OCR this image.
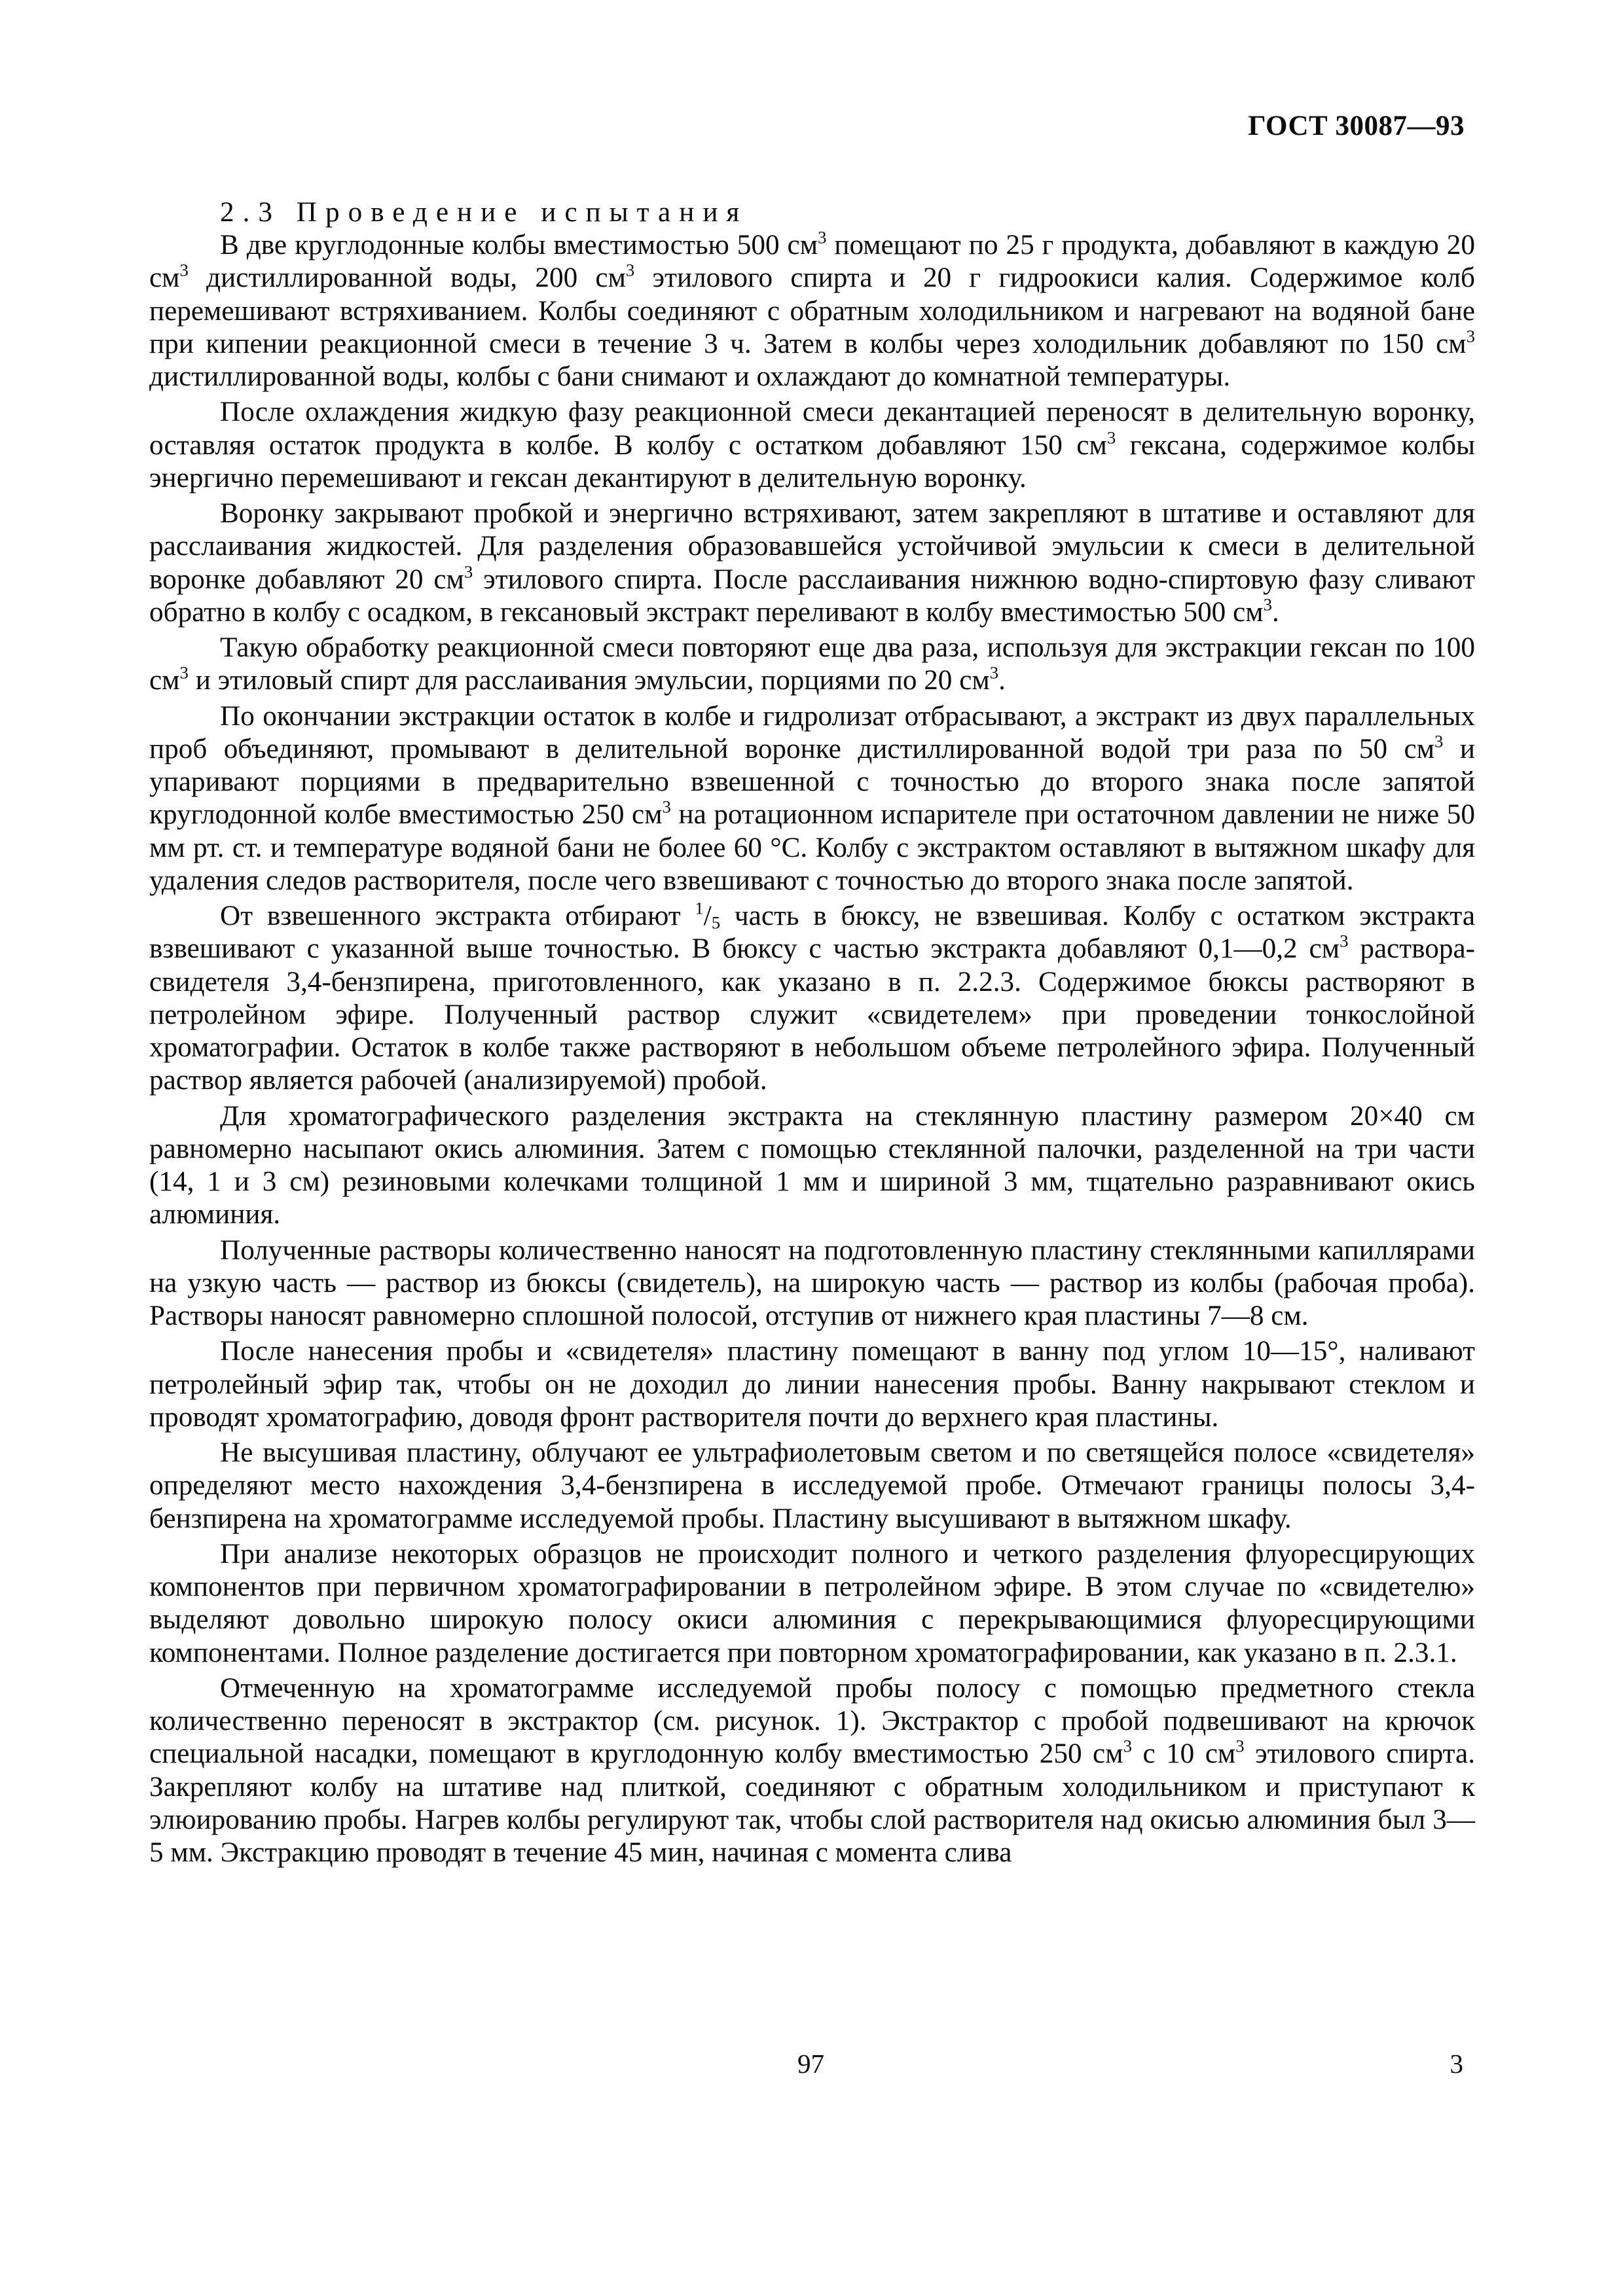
ГОСТ 30087—93

2.3 Проведение испытания

В две круглодонные колбы вместимостью 500 $см^3$ помещают по 25 г продукта, добавляют в каждую 20 $см^3$ дистиллированной воды, 200 $см^3$ этилового спирта и 20 г гидроокиси калия. Содержимое колб перемешивают встряхиванием. Колбы соединяют с обратным холодильником и нагревают на водяной бане при кипении реакционной смеси в течение 3 ч. Затем в колбы через холодильник добавляют по 150 $см^3$ дистиллированной воды, колбы с бани снимают и охлаждают до комнатной температуры.

После охлаждения жидкую фазу реакционной смеси декантацией переносят в делительную воронку, оставляя остаток продукта в колбе. В колбу с остатком добавляют 150 $см^3$ гексана, содержимое колбы энергично перемешивают и гексан декантируют в делительную воронку.

Воронку закрывают пробкой и энергично встряхивают, затем закрепляют в штативе и оставляют для расслаивания жидкостей. Для разделения образовавшейся устойчивой эмульсии к смеси в делительной воронке добавляют 20 $см^3$ этилового спирта. После расслаивания нижнюю водно-спиртовую фазу сливают обратно в колбу с осадком, в гексановый экстракт переливают в колбу вместимостью 500 $см^3$.

Такую обработку реакционной смеси повторяют еще два раза, используя для экстракции гексан по 100 $см^3$ и этиловый спирт для расслаивания эмульсии, порциями по 20 $см^3$.

По окончании экстракции остаток в колбе и гидролизат отбрасывают, а экстракт из двух параллельных проб объединяют, промывают в делительной воронке дистиллированной водой три раза по 50 $см^3$ и упаривают порциями в предварительно взвешенной с точностью до второго знака после запятой круглодонной колбе вместимостью 250 $см^3$ на ротационном испарителе при остаточном давлении не ниже 50 мм рт. ст. и температуре водяной бани не более 60 °С. Колбу с экстрактом оставляют в вытяжном шкафу для удаления следов растворителя, после чего взвешивают с точностью до второго знака после запятой.

От взвешенного экстракта отбирают $^1/_5$ часть в бюксу, не взвешивая. Колбу с остатком экстракта взвешивают с указанной выше точностью. В бюксу с частью экстракта добавляют 0,1—0,2 $см^3$ раствора-свидетеля 3,4-бензпирена, приготовленного, как указано в п. 2.2.3. Содержимое бюксы растворяют в петролейном эфире. Полученный раствор служит «свидетелем» при проведении тонкослойной хроматографии. Остаток в колбе также растворяют в небольшом объеме петролейного эфира. Полученный раствор является рабочей (анализируемой) пробой.

Для хроматографического разделения экстракта на стеклянную пластину размером 20×40 см равномерно насыпают окись алюминия. Затем с помощью стеклянной палочки, разделенной на три части (14, 1 и 3 см) резиновыми колечками толщиной 1 мм и шириной 3 мм, тщательно разравнивают окись алюминия.

Полученные растворы количественно наносят на подготовленную пластину стеклянными капиллярами на узкую часть — раствор из бюксы (свидетель), на широкую часть — раствор из колбы (рабочая проба). Растворы наносят равномерно сплошной полосой, отступив от нижнего края пластины 7—8 см.

После нанесения пробы и «свидетеля» пластину помещают в ванну под углом 10—15°, наливают петролейный эфир так, чтобы он не доходил до линии нанесения пробы. Ванну накрывают стеклом и проводят хроматографию, доводя фронт растворителя почти до верхнего края пластины.

Не высушивая пластину, облучают ее ультрафиолетовым светом и по светящейся полосе «свидетеля» определяют место нахождения 3,4-бензпирена в исследуемой пробе. Отмечают границы полосы 3,4-бензпирена на хроматограмме исследуемой пробы. Пластину высушивают в вытяжном шкафу.

При анализе некоторых образцов не происходит полного и четкого разделения флуоресцирующих компонентов при первичном хроматографировании в петролейном эфире. В этом случае по «свидетелю» выделяют довольно широкую полосу окиси алюминия с перекрывающимися флуоресцирующими компонентами. Полное разделение достигается при повторном хроматографировании, как указано в п. 2.3.1.

Отмеченную на хроматограмме исследуемой пробы полосу с помощью предметного стекла количественно переносят в экстрактор (см. рисунок. 1). Экстрактор с пробой подвешивают на крючок специальной насадки, помещают в круглодонную колбу вместимостью 250 $см^3$ с 10 $см^3$ этилового спирта. Закрепляют колбу на штативе над плиткой, соединяют с обратным холодильником и приступают к элюированию пробы. Нагрев колбы регулируют так, чтобы слой растворителя над окисью алюминия был 3—5 мм. Экстракцию проводят в течение 45 мин, начиная с момента слива

97	3
